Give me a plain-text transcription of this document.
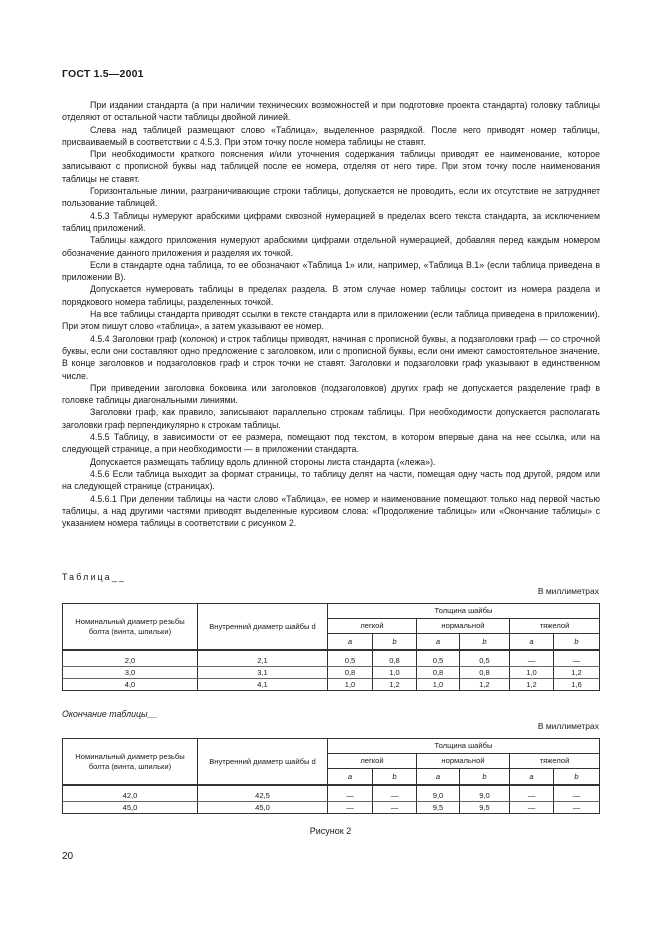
ГОСТ 1.5—2001

При издании стандарта (а при наличии технических возможностей и при подготовке проекта стандарта) головку таблицы отделяют от остальной части таблицы двойной линией.

Слева над таблицей размещают слово «Таблица», выделенное разрядкой. После него приводят номер таблицы, присваиваемый в соответствии с 4.5.3. При этом точку после номера таблицы не ставят.

При необходимости краткого пояснения и/или уточнения содержания таблицы приводят ее наименование, которое записывают с прописной буквы над таблицей после ее номера, отделяя от него тире. При этом точку после наименования таблицы не ставят.

Горизонтальные линии, разграничивающие строки таблицы, допускается не проводить, если их отсутствие не затрудняет пользование таблицей.

4.5.3 Таблицы нумеруют арабскими цифрами сквозной нумерацией в пределах всего текста стандарта, за исключением таблиц приложений.

Таблицы каждого приложения нумеруют арабскими цифрами отдельной нумерацией, добавляя перед каждым номером обозначение данного приложения и разделяя их точкой.

Если в стандарте одна таблица, то ее обозначают «Таблица 1» или, например, «Таблица В.1» (если таблица приведена в приложении В).

Допускается нумеровать таблицы в пределах раздела. В этом случае номер таблицы состоит из номера раздела и порядкового номера таблицы, разделенных точкой.

На все таблицы стандарта приводят ссылки в тексте стандарта или в приложении (если таблица приведена в приложении). При этом пишут слово «таблица», а затем указывают ее номер.

4.5.4 Заголовки граф (колонок) и строк таблицы приводят, начиная с прописной буквы, а подзаголовки граф — со строчной буквы, если они составляют одно предложение с заголовком, или с прописной буквы, если они имеют самостоятельное значение. В конце заголовков и подзаголовков граф и строк точки не ставят. Заголовки и подзаголовки граф указывают в единственном числе.

При приведении заголовка боковика или заголовков (подзаголовков) других граф не допускается разделение граф в головке таблицы диагональными линиями.

Заголовки граф, как правило, записывают параллельно строкам таблицы. При необходимости допускается располагать заголовки граф перпендикулярно к строкам таблицы.

4.5.5 Таблицу, в зависимости от ее размера, помещают под текстом, в котором впервые дана на нее ссылка, или на следующей странице, а при необходимости — в приложении стандарта.

Допускается размещать таблицу вдоль длинной стороны листа стандарта («лежа»).

4.5.6 Если таблица выходит за формат страницы, то таблицу делят на части, помещая одну часть под другой, рядом или на следующей странице (страницах).

4.5.6.1 При делении таблицы на части слово «Таблица», ее номер и наименование помещают только над первой частью таблицы, а над другими частями приводят выделенные курсивом слова: «Продолжение таблицы» или «Окончание таблицы» с указанием номера таблицы в соответствии с рисунком 2.

Таблица__
В миллиметрах
Номинальный диаметр резьбы болта (винта, шпильки)	Внутренний диаметр шайбы d	Толщина шайбы					
		легкой		нормальной		тяжелой	
		a	b	a	b	a	b
2,0	2,1	0,5	0,8	0,5	0,5	—	—
3,0	3,1	0,8	1,0	0,8	0,8	1,0	1,2
4,0	4,1	1,0	1,2	1,0	1,2	1,2	1,6
Окончание таблицы__
В миллиметрах
Номинальный диаметр резьбы болта (винта, шпильки)	Внутренний диаметр шайбы d	Толщина шайбы					
		легкой		нормальной		тяжелой	
		a	b	a	b	a	b
42,0	42,5	—	—	9,0	9,0	—	—
45,0	45,0	—	—	9,5	9,5	—	—
Рисунок 2
20
